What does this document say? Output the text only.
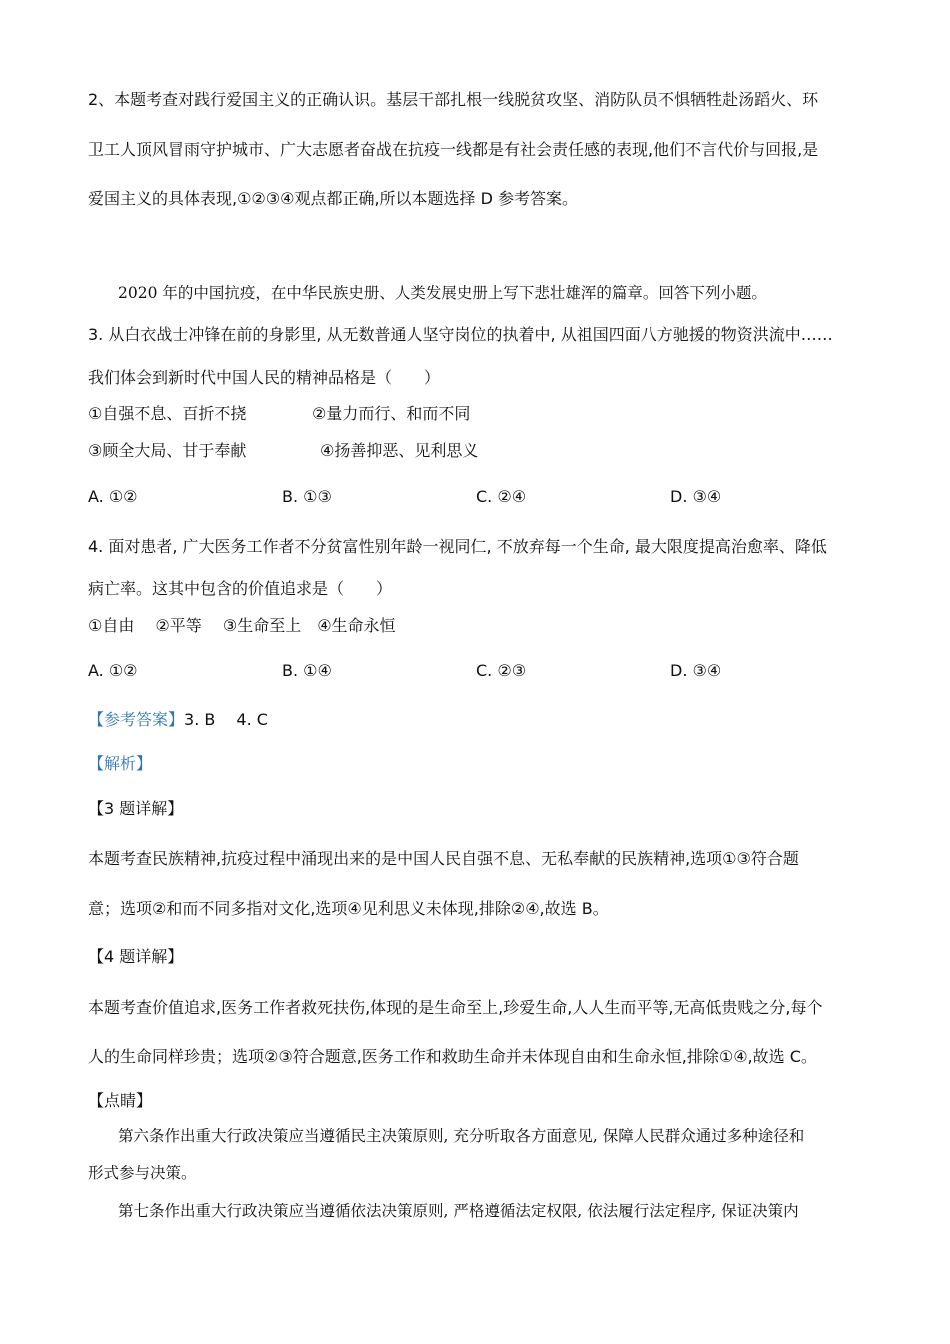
2、本题考查对践行爱国主义的正确认识。基层干部扎根一线脱贫攻坚、消防队员不惧牺牲赴汤蹈火、环
卫工人顶风冒雨守护城市、广大志愿者奋战在抗疫一线都是有社会责任感的表现,他们不言代价与回报,是
爱国主义的具体表现,①②③④观点都正确,所以本题选择 D 参考答案。
2020 年的中国抗疫，在中华民族史册、人类发展史册上写下悲壮雄浑的篇章。回答下列小题。
3. 从白衣战士冲锋在前的身影里, 从无数普通人坚守岗位的执着中, 从祖国四面八方驰援的物资洪流中……
我们体会到新时代中国人民的精神品格是（　　）
①自强不息、百折不挠	②量力而行、和而不同
③顾全大局、甘于奉献	④扬善抑恶、见利思义
A. ①②	B. ①③	C. ②④	D. ③④
4. 面对患者, 广大医务工作者不分贫富性别年龄一视同仁, 不放弃每一个生命, 最大限度提高治愈率、降低
病亡率。这其中包含的价值追求是（　　）
①自由　 ②平等　 ③生命至上　④生命永恒
A. ①②	B. ①④	C. ②③	D. ③④
【参考答案】3. B　 4. C
【解析】
【3 题详解】
本题考查民族精神,抗疫过程中涌现出来的是中国人民自强不息、无私奉献的民族精神,选项①③符合题
意；选项②和而不同多指对文化,选项④见利思义未体现,排除②④,故选 B。
【4 题详解】
本题考查价值追求,医务工作者救死扶伤,体现的是生命至上,珍爱生命,人人生而平等,无高低贵贱之分,每个
人的生命同样珍贵；选项②③符合题意,医务工作和救助生命并未体现自由和生命永恒,排除①④,故选 C。
【点睛】
第六条作出重大行政决策应当遵循民主决策原则, 充分听取各方面意见, 保障人民群众通过多种途径和
形式参与决策。
第七条作出重大行政决策应当遵循依法决策原则, 严格遵循法定权限, 依法履行法定程序, 保证决策内
